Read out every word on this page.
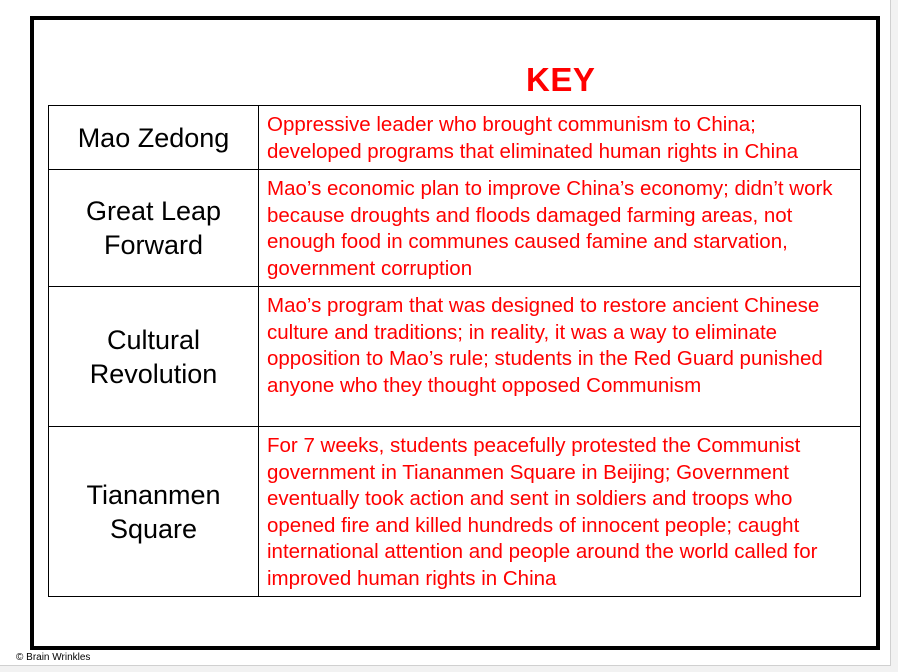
KEY
Mao Zedong	Oppressive leader who brought communism to China; developed programs that eliminated human rights in China
Great Leap Forward	Mao’s economic plan to improve China’s economy; didn’t work because droughts and floods damaged farming areas, not enough food in communes caused famine and starvation, government corruption
Cultural Revolution	Mao’s program that was designed to restore ancient Chinese culture and traditions; in reality, it was a way to eliminate opposition to Mao’s rule; students in the Red Guard punished anyone who they thought opposed Communism
Tiananmen Square	For 7 weeks, students peacefully protested the Communist government in Tiananmen Square in Beijing; Government eventually took action and sent in soldiers and troops who opened fire and killed hundreds of innocent people; caught international attention and people around the world called for improved human rights in China
© Brain Wrinkles
